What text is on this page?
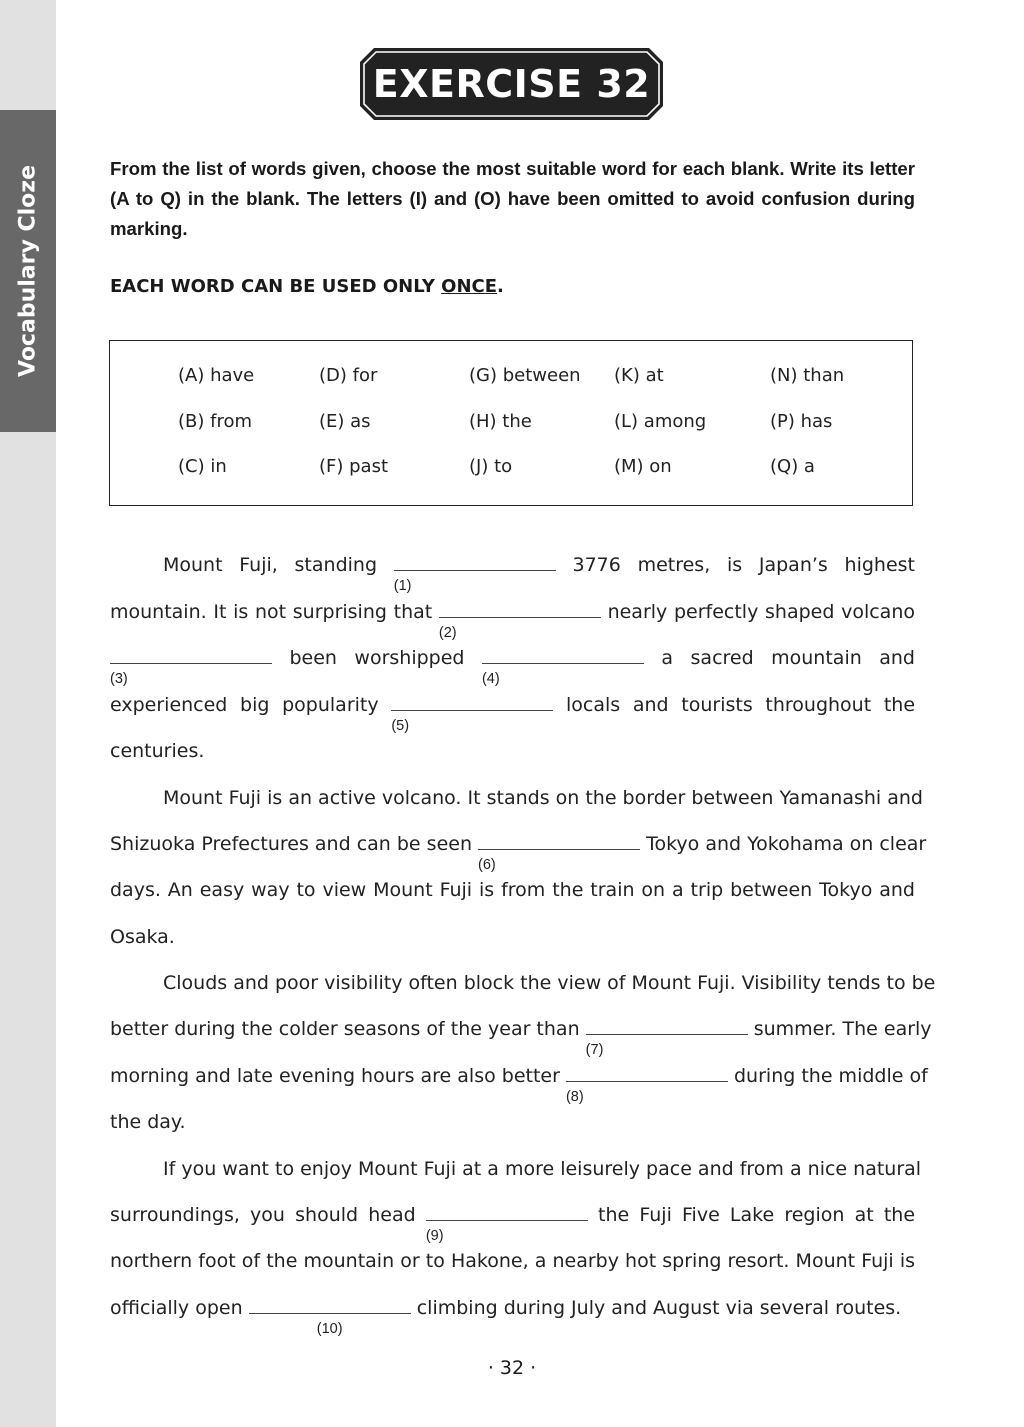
Vocabulary Cloze
EXERCISE 32

From the list of words given, choose the most suitable word for each blank. Write its letter (A to Q) in the blank. The letters (I) and (O) have been omitted to avoid confusion during marking.

EACH WORD CAN BE USED ONLY ONCE.

(A) have	(D) for	(G) between (K) at	(N) than
(B) from	(E) as	(H) the	(L) among	(P) has
(C) in	(F) past	(J) to	(M) on	(Q) a
Mount Fuji, standing
(1)
3776 metres, is Japan’s highest
mountain. It is not surprising that
(2)
nearly perfectly shaped volcano
(3)
been worshipped
(4)
a sacred mountain and
experienced big popularity
(5)
locals and tourists throughout the
centuries.
Mount Fuji is an active volcano. It stands on the border between Yamanashi and
Shizuoka Prefectures and can be seen
(6)
Tokyo and Yokohama on clear
days. An easy way to view Mount Fuji is from the train on a trip between Tokyo and
Osaka.
Clouds and poor visibility often block the view of Mount Fuji. Visibility tends to be
better during the colder seasons of the year than
(7)
summer. The early
morning and late evening hours are also better
(8)
during the middle of
the day.
If you want to enjoy Mount Fuji at a more leisurely pace and from a nice natural
surroundings, you should head
(9)
the Fuji Five Lake region at the
northern foot of the mountain or to Hakone, a nearby hot spring resort. Mount Fuji is
officially open
(10)
climbing during July and August via several routes.
· 32 ·
